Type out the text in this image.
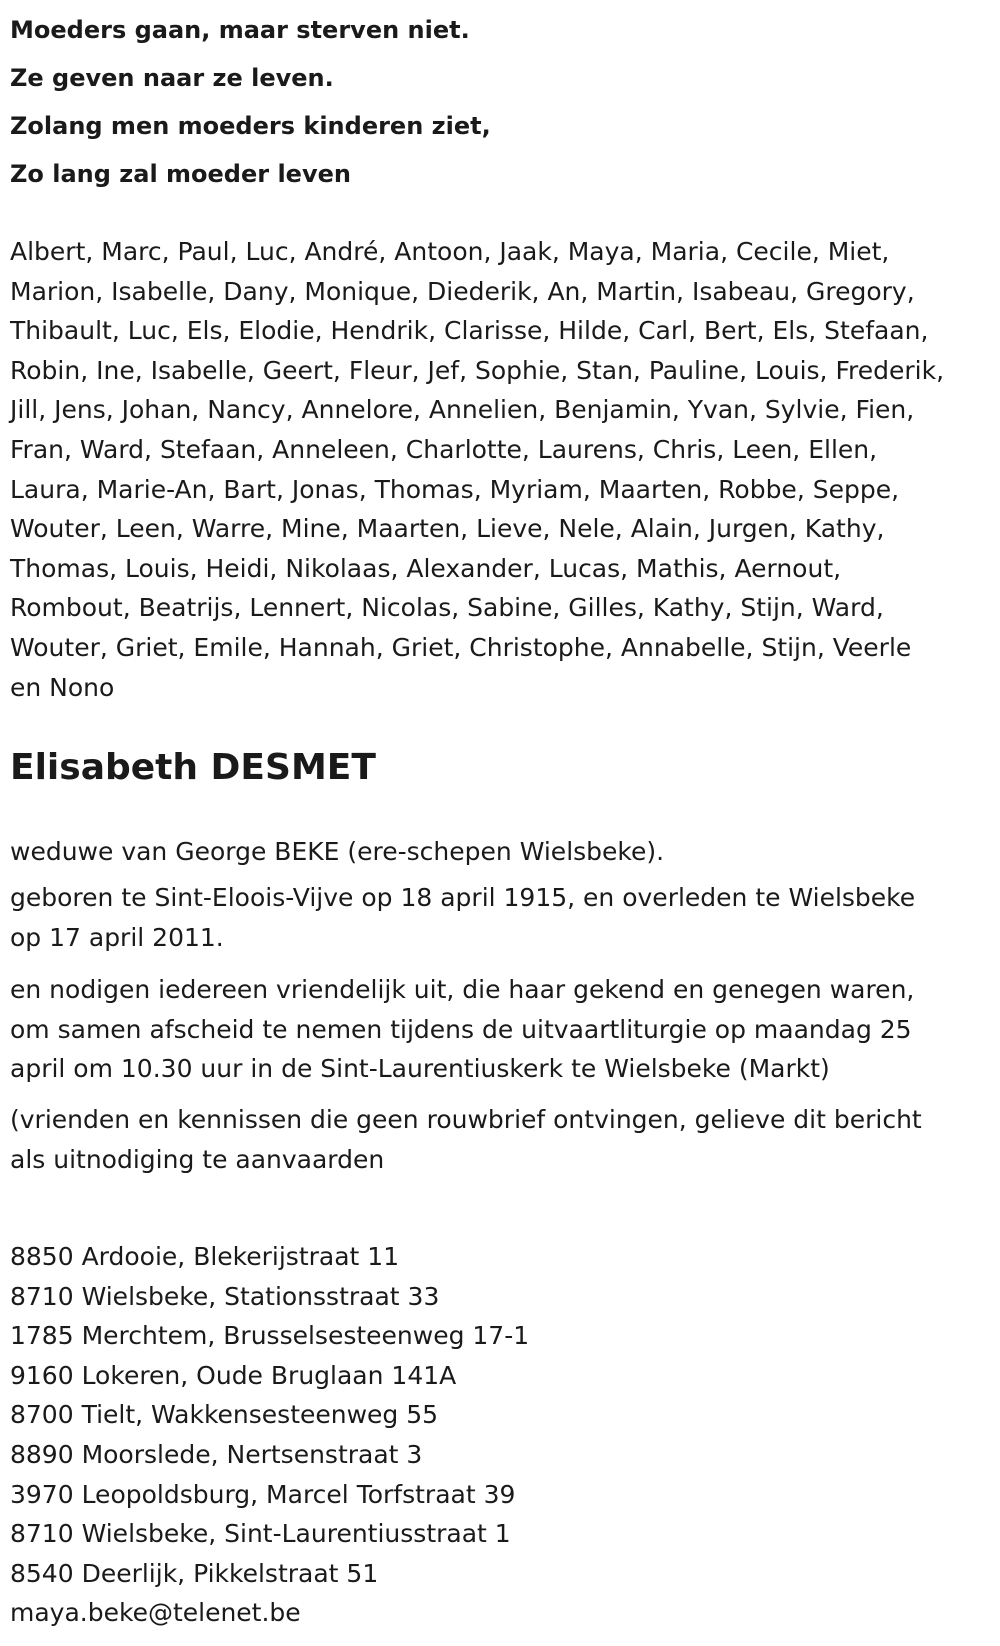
Moeders gaan, maar sterven niet.
Ze geven naar ze leven.
Zolang men moeders kinderen ziet,
Zo lang zal moeder leven
Albert, Marc, Paul, Luc, André, Antoon, Jaak, Maya, Maria, Cecile, Miet,
Marion, Isabelle, Dany, Monique, Diederik, An, Martin, Isabeau, Gregory,
Thibault, Luc, Els, Elodie, Hendrik, Clarisse, Hilde, Carl, Bert, Els, Stefaan,
Robin, Ine, Isabelle, Geert, Fleur, Jef, Sophie, Stan, Pauline, Louis, Frederik,
Jill, Jens, Johan, Nancy, Annelore, Annelien, Benjamin, Yvan, Sylvie, Fien,
Fran, Ward, Stefaan, Anneleen, Charlotte, Laurens, Chris, Leen, Ellen,
Laura, Marie-An, Bart, Jonas, Thomas, Myriam, Maarten, Robbe, Seppe,
Wouter, Leen, Warre, Mine, Maarten, Lieve, Nele, Alain, Jurgen, Kathy,
Thomas, Louis, Heidi, Nikolaas, Alexander, Lucas, Mathis, Aernout,
Rombout, Beatrijs, Lennert, Nicolas, Sabine, Gilles, Kathy, Stijn, Ward,
Wouter, Griet, Emile, Hannah, Griet, Christophe, Annabelle, Stijn, Veerle
en Nono
Elisabeth DESMET

weduwe van George BEKE (ere-schepen Wielsbeke).

geboren te Sint-Eloois-Vijve op 18 april 1915, en overleden te Wielsbeke
op 17 april 2011.
en nodigen iedereen vriendelijk uit, die haar gekend en genegen waren,
om samen afscheid te nemen tijdens de uitvaartliturgie op maandag 25
april om 10.30 uur in de Sint-Laurentiuskerk te Wielsbeke (Markt)
(vrienden en kennissen die geen rouwbrief ontvingen, gelieve dit bericht
als uitnodiging te aanvaarden
8850 Ardooie, Blekerijstraat 11
8710 Wielsbeke, Stationsstraat 33
1785 Merchtem, Brusselsesteenweg 17-1
9160 Lokeren, Oude Bruglaan 141A
8700 Tielt, Wakkensesteenweg 55
8890 Moorslede, Nertsenstraat 3
3970 Leopoldsburg, Marcel Torfstraat 39
8710 Wielsbeke, Sint-Laurentiusstraat 1
8540 Deerlijk, Pikkelstraat 51
maya.beke@telenet.be
